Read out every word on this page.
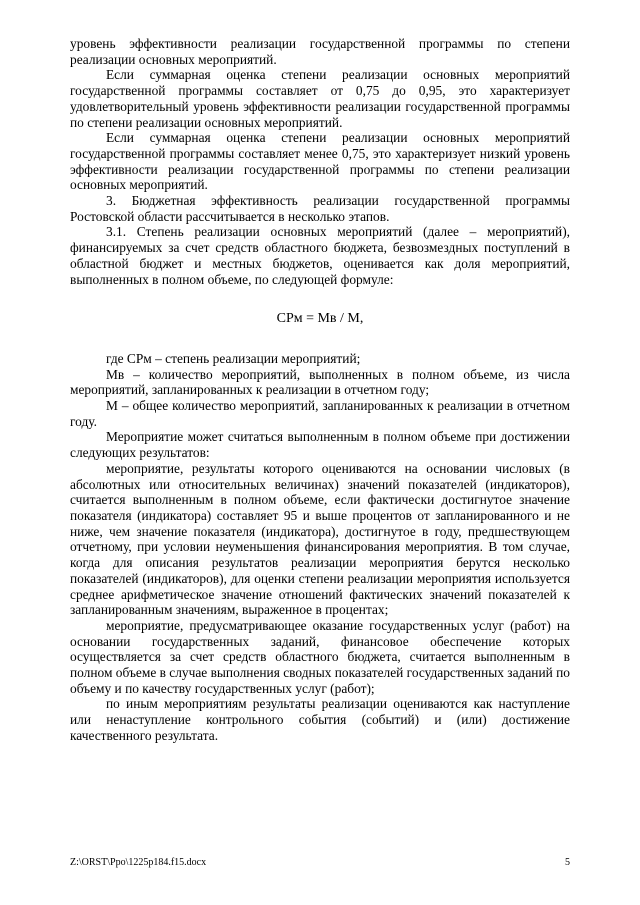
уровень эффективности реализации государственной программы по степени реализации основных мероприятий.

Если суммарная оценка степени реализации основных мероприятий государственной программы составляет от 0,75 до 0,95, это характеризует удовлетворительный уровень эффективности реализации государственной программы по степени реализации основных мероприятий.

Если суммарная оценка степени реализации основных мероприятий государственной программы составляет менее 0,75, это характеризует низкий уровень эффективности реализации государственной программы по степени реализации основных мероприятий.

3. Бюджетная эффективность реализации государственной программы Ростовской области рассчитывается в несколько этапов.

3.1. Степень реализации основных мероприятий (далее – мероприятий), финансируемых за счет средств областного бюджета, безвозмездных поступлений в областной бюджет и местных бюджетов, оценивается как доля мероприятий, выполненных в полном объеме, по следующей формуле:

СРм = Мв / М,

где СРм – степень реализации мероприятий;

Мв – количество мероприятий, выполненных в полном объеме, из числа мероприятий, запланированных к реализации в отчетном году;

М – общее количество мероприятий, запланированных к реализации в отчетном году.

Мероприятие может считаться выполненным в полном объеме при достижении следующих результатов:

мероприятие, результаты которого оцениваются на основании числовых (в абсолютных или относительных величинах) значений показателей (индикаторов), считается выполненным в полном объеме, если фактически достигнутое значение показателя (индикатора) составляет 95 и выше процентов от запланированного и не ниже, чем значение показателя (индикатора), достигнутое в году, предшествующем отчетному, при условии неуменьшения финансирования мероприятия. В том случае, когда для описания результатов реализации мероприятия берутся несколько показателей (индикаторов), для оценки степени реализации мероприятия используется среднее арифметическое значение отношений фактических значений показателей к запланированным значениям, выраженное в процентах;

мероприятие, предусматривающее оказание государственных услуг (работ) на основании государственных заданий, финансовое обеспечение которых осуществляется за счет средств областного бюджета, считается выполненным в полном объеме в случае выполнения сводных показателей государственных заданий по объему и по качеству государственных услуг (работ);

по иным мероприятиям результаты реализации оцениваются как наступление или ненаступление контрольного события (событий) и (или) достижение качественного результата.

Z:\ORST\Ppo\1225p184.f15.docx	5
